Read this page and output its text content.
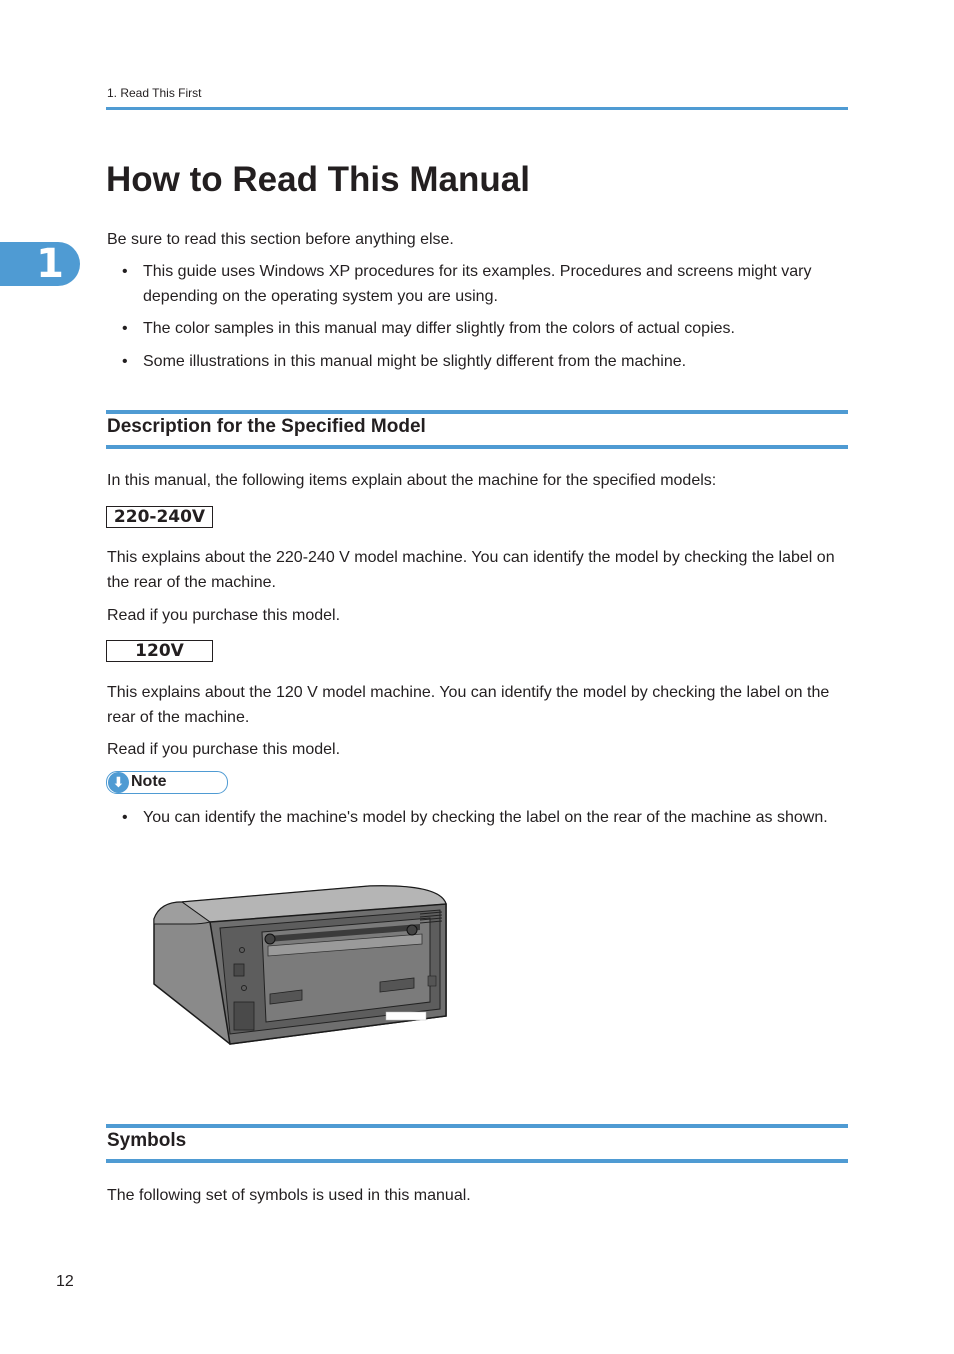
1. Read This First
1
How to Read This Manual
Be sure to read this section before anything else.
• This guide uses Windows XP procedures for its examples. Procedures and screens might vary depending on the operating system you are using.
• The color samples in this manual may differ slightly from the colors of actual copies.
• Some illustrations in this manual might be slightly different from the machine.
Description for the Specified Model
In this manual, the following items explain about the machine for the specified models:
220-240V
This explains about the 220-240 V model machine. You can identify the model by checking the label on the rear of the machine.
Read if you purchase this model.
120V
This explains about the 120 V model machine. You can identify the model by checking the label on the rear of the machine.
Read if you purchase this model.
⬇ Note
• You can identify the machine's model by checking the label on the rear of the machine as shown.
Symbols
The following set of symbols is used in this manual.
12
